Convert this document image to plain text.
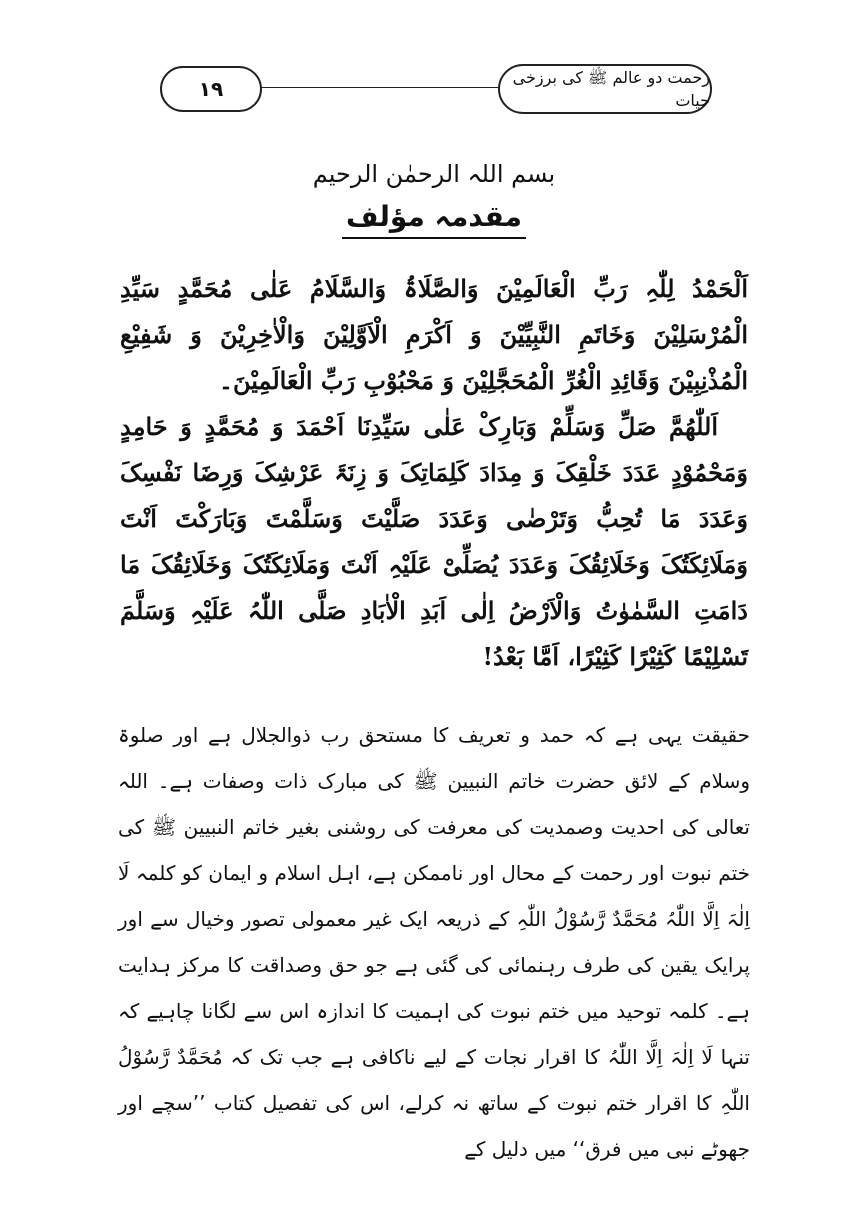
۱۹	رحمت دو عالم ﷺ کی برزخی حیات
بسم اللہ الرحمٰن الرحیم
مقدمہ مؤلف

اَلْحَمْدُ لِلّٰہِ رَبِّ الْعَالَمِیْنَ وَالصَّلَاۃُ وَالسَّلَامُ عَلٰی مُحَمَّدٍ سَیِّدِ الْمُرْسَلِیْنَ وَخَاتَمِ النَّبِیِّیْنَ وَ اَکْرَمِ الْاَوَّلِیْنَ وَالْاٰخِرِیْنَ وَ شَفِیْعِ الْمُذْنِبِیْنَ وَقَائِدِ الْغُرِّ الْمُحَجَّلِیْنَ وَ مَحْبُوْبِ رَبِّ الْعَالَمِیْنَ۔

اَللّٰھُمَّ صَلِّ وَسَلِّمْ وَبَارِکْ عَلٰی سَیِّدِنَا اَحْمَدَ وَ مُحَمَّدٍ وَ حَامِدٍ وَمَحْمُوْدٍ عَدَدَ خَلْقِکَ وَ مِدَادَ کَلِمَاتِکَ وَ زِنَۃَ عَرْشِکَ وَرِضَا نَفْسِکَ وَعَدَدَ مَا تُحِبُّ وَتَرْضٰی وَعَدَدَ صَلَّیْتَ وَسَلَّمْتَ وَبَارَکْتَ اَنْتَ وَمَلَائِکَتُکَ وَخَلَائِقُکَ وَعَدَدَ یُصَلِّیْ عَلَیْہِ اَنْتَ وَمَلَائِکَتُکَ وَخَلَائِقُکَ مَا دَامَتِ السَّمٰوٰتُ وَالْاَرْضُ اِلٰی اَبَدِ الْاٰبَادِ صَلَّی اللّٰہُ عَلَیْہِ وَسَلَّمَ تَسْلِیْمًا کَثِیْرًا کَثِیْرًا، اَمَّا بَعْدُ!

حقیقت یہی ہے کہ حمد و تعریف کا مستحق رب ذوالجلال ہے اور صلوۃ وسلام کے لائق حضرت خاتم النبیین ﷺ کی مبارک ذات وصفات ہے۔ اللہ تعالی کی احدیت وصمدیت کی معرفت کی روشنی بغیر خاتم النبیین ﷺ کی ختم نبوت اور رحمت کے محال اور ناممکن ہے، اہل اسلام و ایمان کو کلمہ لَا اِلٰہَ اِلَّا اللّٰہُ مُحَمَّدٌ رَّسُوْلُ اللّٰہِ کے ذریعہ ایک غیر معمولی تصور وخیال سے اور پرایک یقین کی طرف رہنمائی کی گئی ہے جو حق وصداقت کا مرکز ہدایت ہے۔ کلمہ توحید میں ختم نبوت کی اہمیت کا اندازہ اس سے لگانا چاہیے کہ تنہا لَا اِلٰہَ اِلَّا اللّٰہُ کا اقرار نجات کے لیے ناکافی ہے جب تک کہ مُحَمَّدٌ رَّسُوْلُ اللّٰہِ کا اقرار ختم نبوت کے ساتھ نہ کرلے، اس کی تفصیل کتاب ’’سچے اور جھوٹے نبی میں فرق‘‘ میں دلیل کے
